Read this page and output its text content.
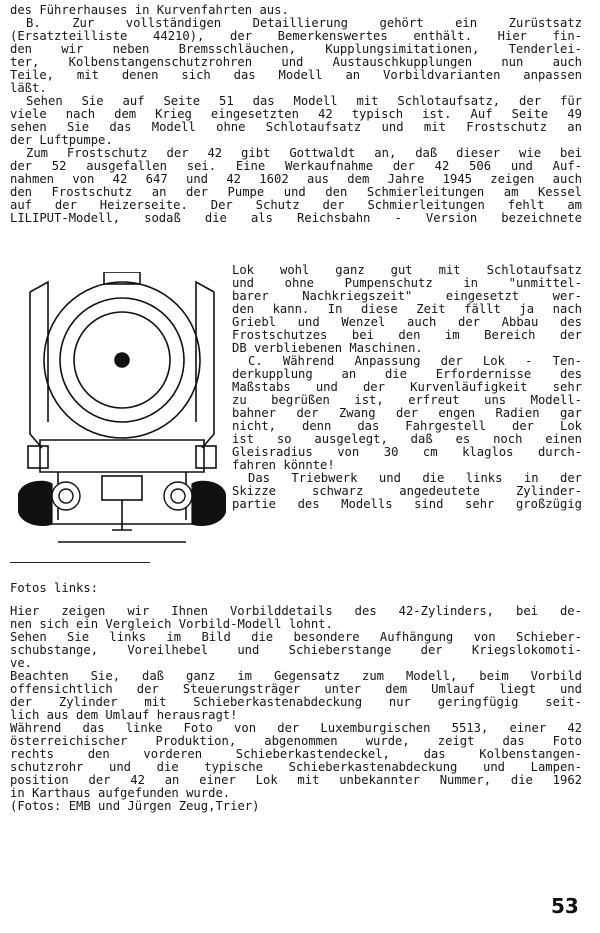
des Führerhauses in Kurvenfahrten aus.
B. Zur vollständigen Detaillierung gehört ein Zurüstsatz
(Ersatzteilliste 44210), der Bemerkenswertes enthält. Hier fin-
den wir neben Bremsschläuchen, Kupplungsimitationen, Tenderlei-
ter, Kolbenstangenschutzrohren und Austauschkupplungen nun auch
Teile, mit denen sich das Modell an Vorbildvarianten anpassen
läßt.
Sehen Sie auf Seite 51 das Modell mit Schlotaufsatz, der für
viele nach dem Krieg eingesetzten 42 typisch ist. Auf Seite 49
sehen Sie das Modell ohne Schlotaufsatz und mit Frostschutz an
der Luftpumpe.
Zum Frostschutz der 42 gibt Gottwaldt an, daß dieser wie bei
der 52 ausgefallen sei. Eine Werkaufnahme der 42 506 und Auf-
nahmen von 42 647 und 42 1602 aus dem Jahre 1945 zeigen auch
den Frostschutz an der Pumpe und den Schmierleitungen am Kessel
auf der Heizerseite. Der Schutz der Schmierleitungen fehlt am
LILIPUT-Modell, sodaß die als Reichsbahn - Version bezeichnete
Lok wohl ganz gut mit Schlotaufsatz
und ohne Pumpenschutz in "unmittel-
barer Nachkriegszeit" eingesetzt wer-
den kann. In diese Zeit fällt ja nach
Griebl und Wenzel auch der Abbau des
Frostschutzes bei den im Bereich der
DB verbliebenen Maschinen.
C. Während Anpassung der Lok - Ten-
derkupplung an die Erfordernisse des
Maßstabs und der Kurvenläufigkeit sehr
zu begrüßen ist, erfreut uns Modell-
bahner der Zwang der engen Radien gar
nicht, denn das Fahrgestell der Lok
ist so ausgelegt, daß es noch einen
Gleisradius von 30 cm klaglos durch-
fahren könnte!
Das Triebwerk und die links in der
Skizze schwarz angedeutete Zylinder-
partie des Modells sind sehr großzügig
Fotos links:
Hier zeigen wir Ihnen Vorbilddetails des 42-Zylinders, bei de-
nen sich ein Vergleich Vorbild-Modell lohnt.
Sehen Sie links im Bild die besondere Aufhängung von Schieber-
schubstange, Voreilhebel und Schieberstange der Kriegslokomoti-
ve.
Beachten Sie, daß ganz im Gegensatz zum Modell, beim Vorbild
offensichtlich der Steuerungsträger unter dem Umlauf liegt und
der Zylinder mit Schieberkastenabdeckung nur geringfügig seit-
lich aus dem Umlauf herausragt!
Während das linke Foto von der Luxemburgischen 5513, einer 42
österreichischer Produktion, abgenommen wurde, zeigt das Foto
rechts den vorderen Schieberkastendeckel, das Kolbenstangen-
schutzrohr und die typische Schieberkastenabdeckung und Lampen-
position der 42 an einer Lok mit unbekannter Nummer, die 1962
in Karthaus aufgefunden wurde.
(Fotos: EMB und Jürgen Zeug,Trier)
53
